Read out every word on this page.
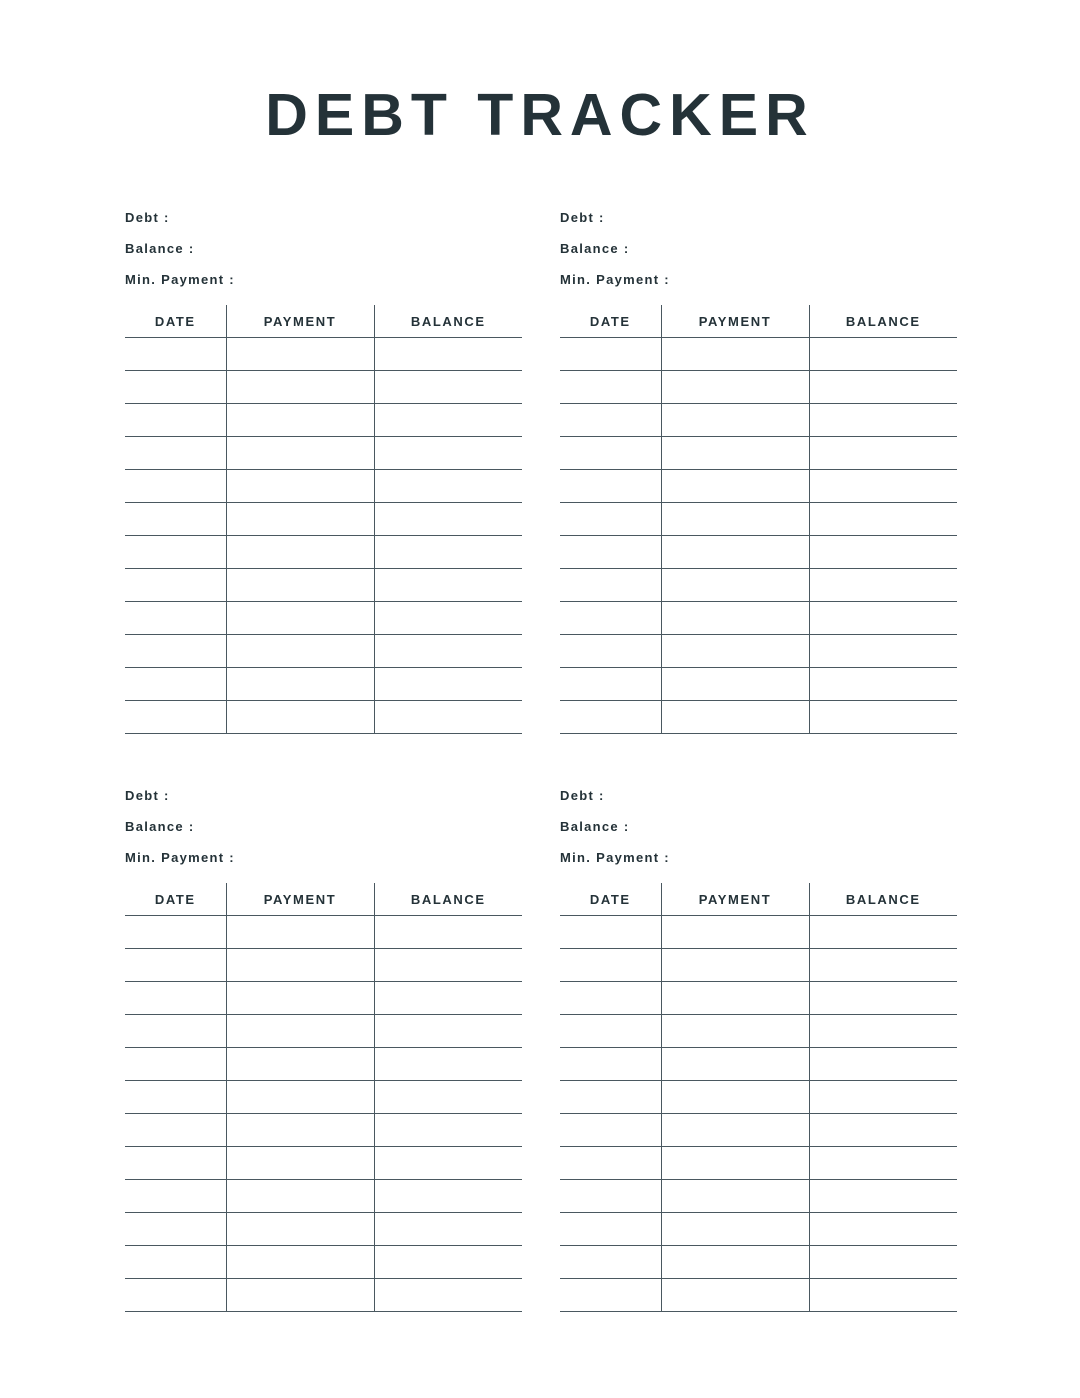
DEBT TRACKER
Debt :
Balance :
Min. Payment :
DATE	PAYMENT	BALANCE

Debt :
Balance :
Min. Payment :
DATE	PAYMENT	BALANCE

Debt :
Balance :
Min. Payment :
DATE	PAYMENT	BALANCE

Debt :
Balance :
Min. Payment :
DATE	PAYMENT	BALANCE
